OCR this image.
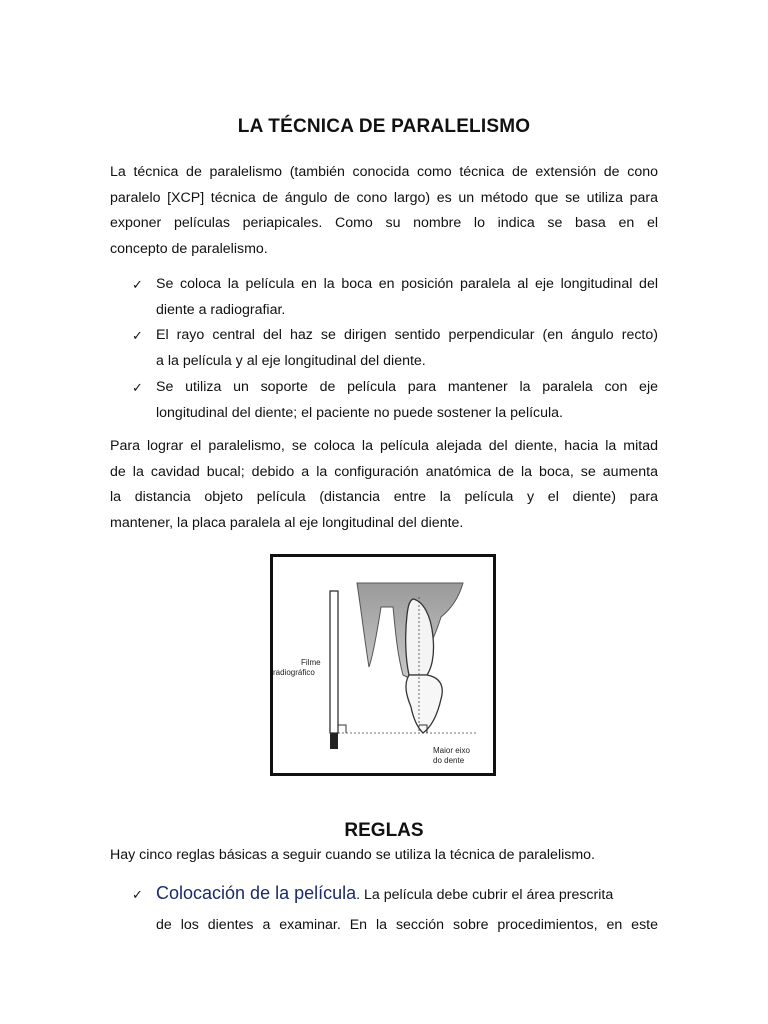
LA TÉCNICA DE PARALELISMO

La técnica de paralelismo (también conocida como técnica de extensión de cono
paralelo [XCP] técnica de ángulo de cono largo) es un método que se utiliza para
exponer películas periapicales. Como su nombre lo indica se basa en el
concepto de paralelismo.

✓ Se coloca la película en la boca en posición paralela al eje longitudinal del
diente a radiografiar.
✓ El rayo central del haz se dirigen sentido perpendicular (en ángulo recto)
a la película y al eje longitudinal del diente.
✓ Se utiliza un soporte de película para mantener la paralela con eje
longitudinal del diente; el paciente no puede sostener la película.

Para lograr el paralelismo, se coloca la película alejada del diente, hacia la mitad
de la cavidad bucal; debido a la configuración anatómica de la boca, se aumenta
la distancia objeto película (distancia entre la película y el diente) para
mantener, la placa paralela al eje longitudinal del diente.

Filme
radiográfico
Maior eixo
do dente
REGLAS

Hay cinco reglas básicas a seguir cuando se utiliza la técnica de paralelismo.

✓ Colocación de la película. La película debe cubrir el área prescrita
de los dientes a examinar. En la sección sobre procedimientos, en este
